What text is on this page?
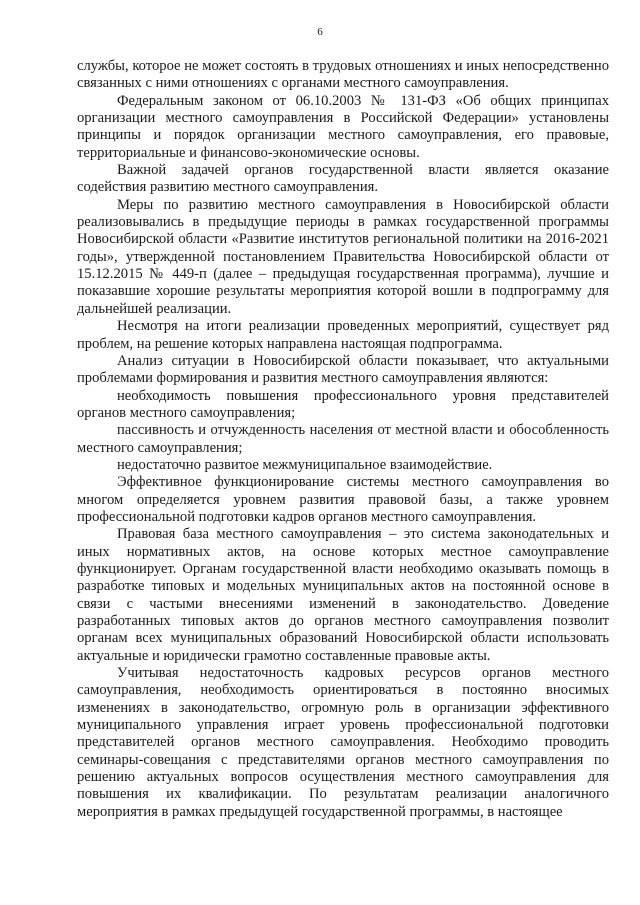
6

службы, которое не может состоять в трудовых отношениях и иных непосредственно связанных с ними отношениях с органами местного самоуправления.

Федеральным законом от 06.10.2003 № 131-ФЗ «Об общих принципах организации местного самоуправления в Российской Федерации» установлены принципы и порядок организации местного самоуправления, его правовые, территориальные и финансово-экономические основы.

Важной задачей органов государственной власти является оказание содействия развитию местного самоуправления.

Меры по развитию местного самоуправления в Новосибирской области реализовывались в предыдущие периоды в рамках государственной программы Новосибирской области «Развитие институтов региональной политики на 2016-2021 годы», утвержденной постановлением Правительства Новосибирской области от 15.12.2015 № 449-п (далее – предыдущая государственная программа), лучшие и показавшие хорошие результаты мероприятия которой вошли в подпрограмму для дальнейшей реализации.

Несмотря на итоги реализации проведенных мероприятий, существует ряд проблем, на решение которых направлена настоящая подпрограмма.

Анализ ситуации в Новосибирской области показывает, что актуальными проблемами формирования и развития местного самоуправления являются:

необходимость повышения профессионального уровня представителей органов местного самоуправления;

пассивность и отчужденность населения от местной власти и обособленность местного самоуправления;

недостаточно развитое межмуниципальное взаимодействие.

Эффективное функционирование системы местного самоуправления во многом определяется уровнем развития правовой базы, а также уровнем профессиональной подготовки кадров органов местного самоуправления.

Правовая база местного самоуправления – это система законодательных и иных нормативных актов, на основе которых местное самоуправление функционирует. Органам государственной власти необходимо оказывать помощь в разработке типовых и модельных муниципальных актов на постоянной основе в связи с частыми внесениями изменений в законодательство. Доведение разработанных типовых актов до органов местного самоуправления позволит органам всех муниципальных образований Новосибирской области использовать актуальные и юридически грамотно составленные правовые акты.

Учитывая недостаточность кадровых ресурсов органов местного самоуправления, необходимость ориентироваться в постоянно вносимых изменениях в законодательство, огромную роль в организации эффективного муниципального управления играет уровень профессиональной подготовки представителей органов местного самоуправления. Необходимо проводить семинары-совещания с представителями органов местного самоуправления по решению актуальных вопросов осуществления местного самоуправления для повышения их квалификации. По результатам реализации аналогичного мероприятия в рамках предыдущей государственной программы, в настоящее
